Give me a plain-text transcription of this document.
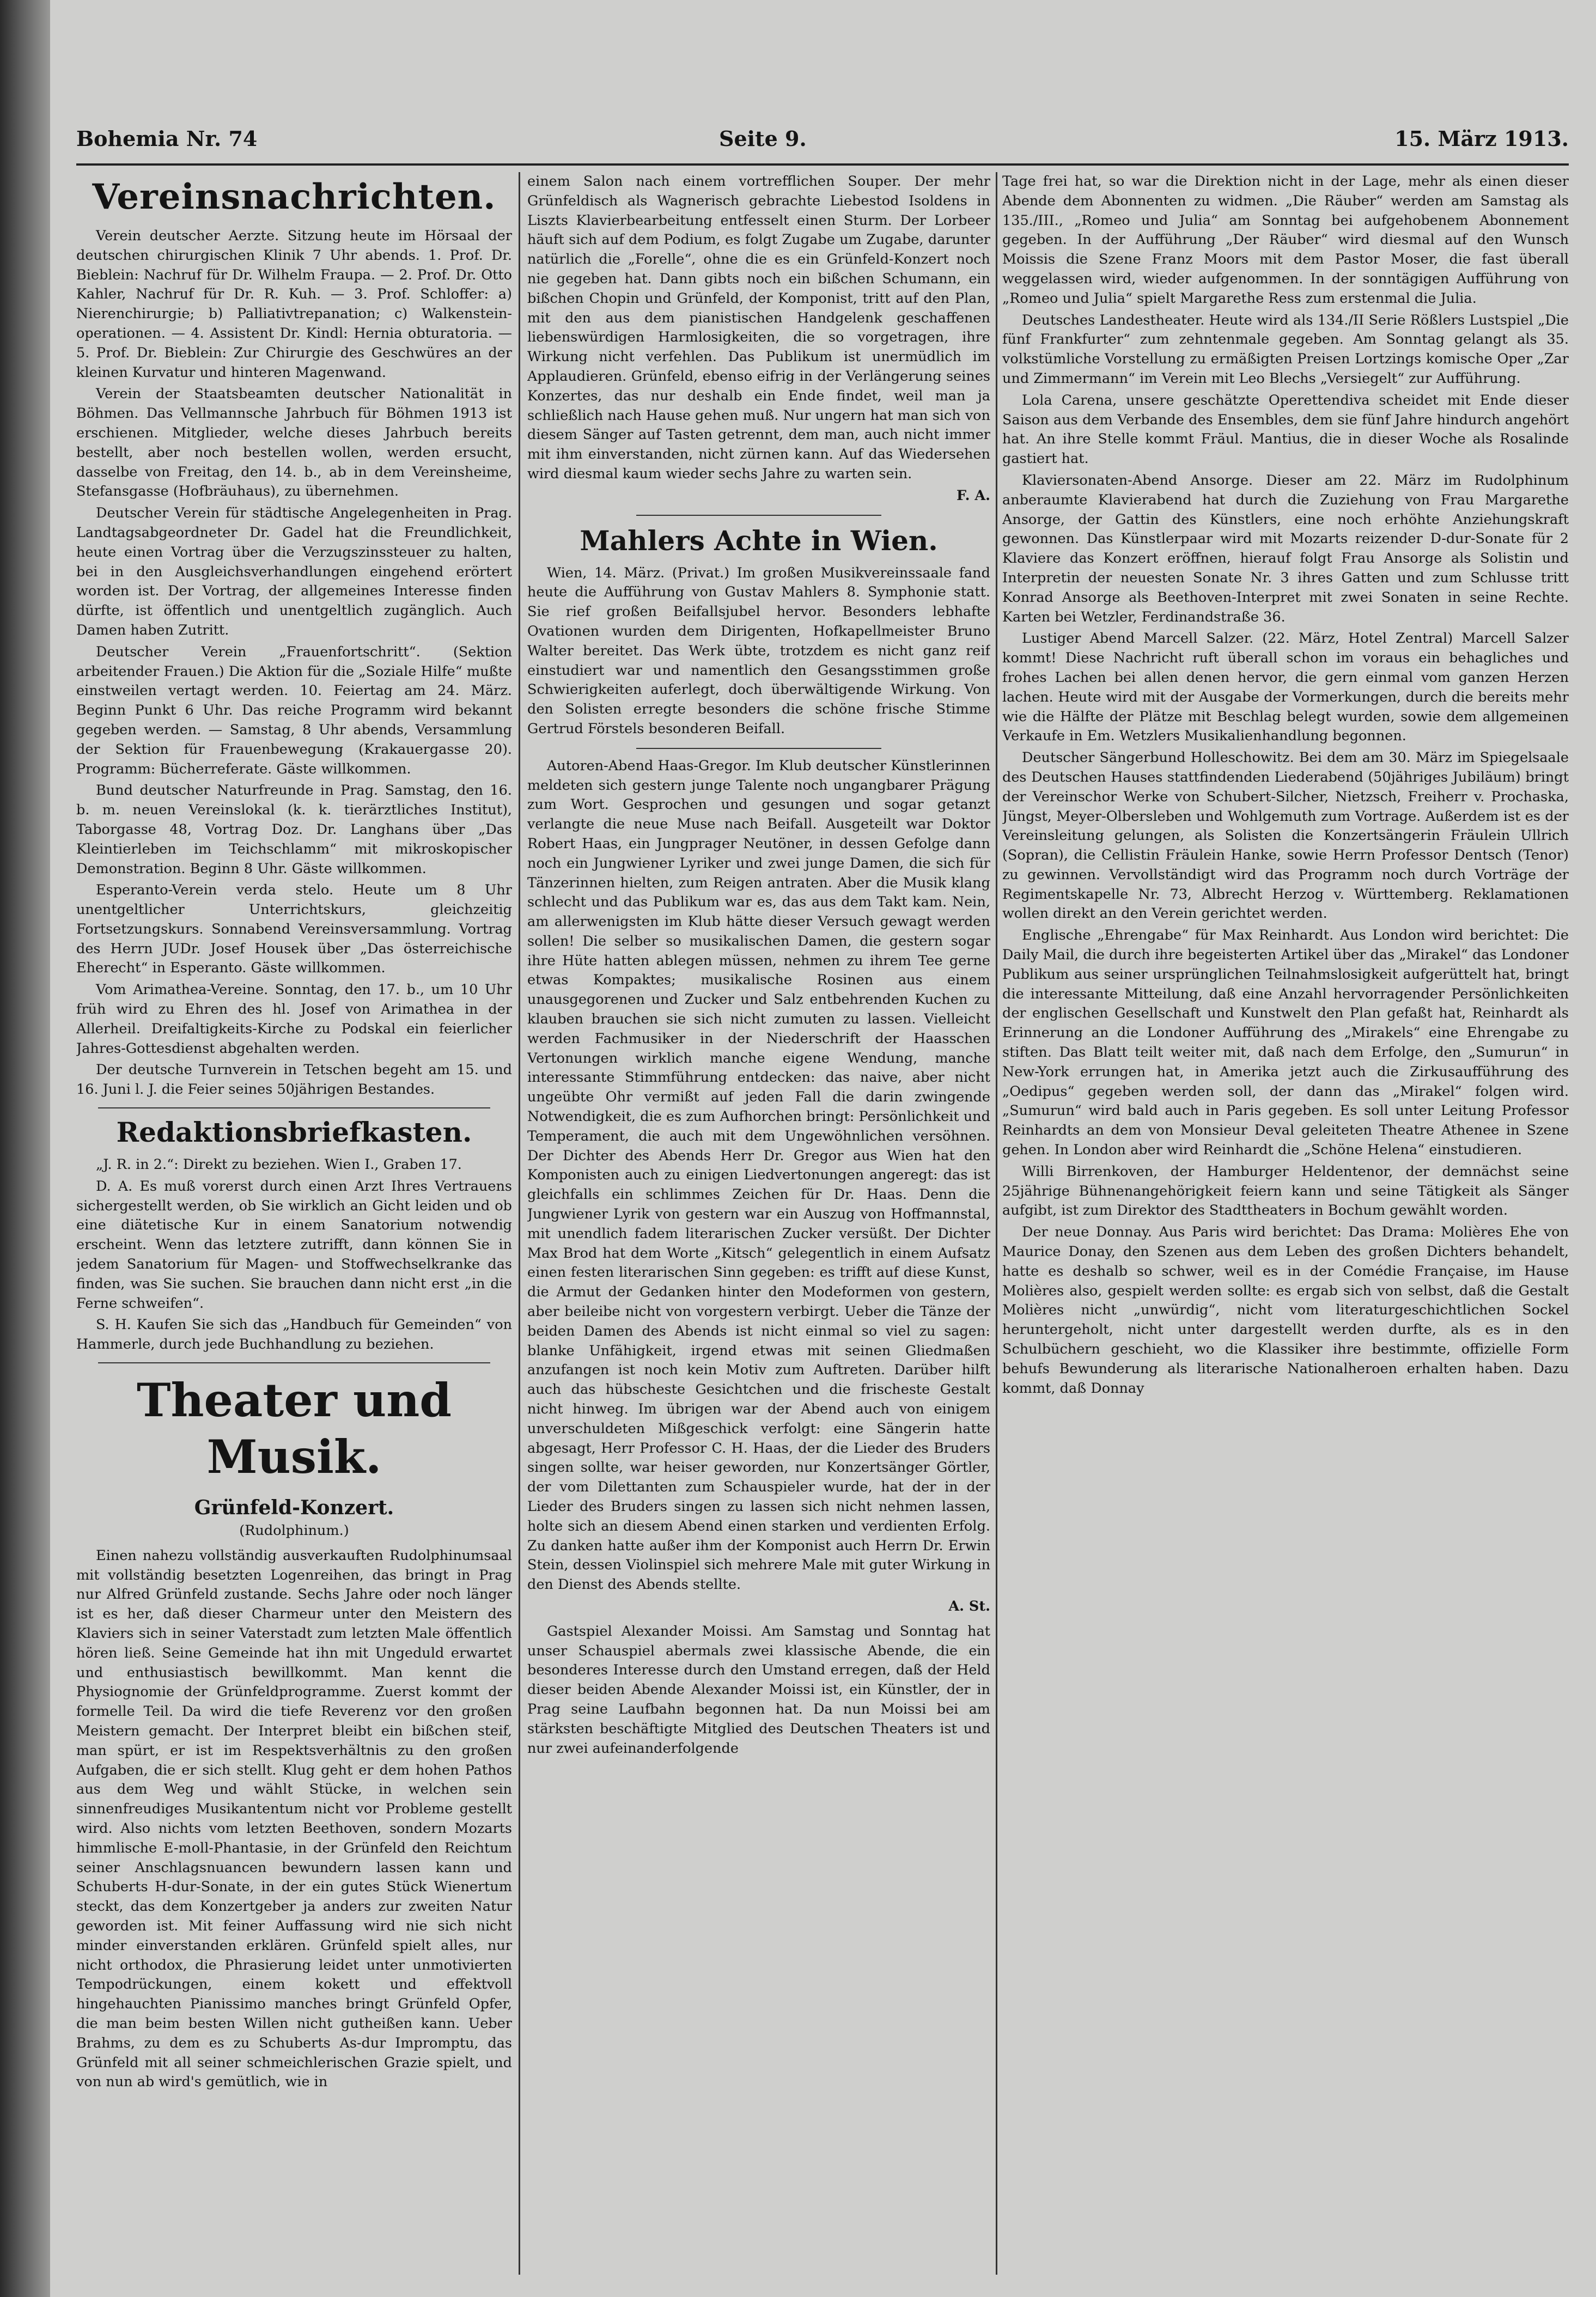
Bohemia Nr. 74	Seite 9.	15. März 1913.
Vereinsnachrichten.

Verein deutscher Aerzte. Sitzung heute im Hörsaal der deutschen chirurgischen Klinik 7 Uhr abends. 1. Prof. Dr. Bieblein: Nachruf für Dr. Wilhelm Fraupa. — 2. Prof. Dr. Otto Kahler, Nachruf für Dr. R. Kuh. — 3. Prof. Schloffer: a) Nierenchirurgie; b) Palliativtrepanation; c) Walkenstein-operationen. — 4. Assistent Dr. Kindl: Hernia obturatoria. — 5. Prof. Dr. Bieblein: Zur Chirurgie des Geschwüres an der kleinen Kurvatur und hinteren Magenwand.

Verein der Staatsbeamten deutscher Nationalität in Böhmen. Das Vellmannsche Jahrbuch für Böhmen 1913 ist erschienen. Mitglieder, welche dieses Jahrbuch bereits bestellt, aber noch bestellen wollen, werden ersucht, dasselbe von Freitag, den 14. b., ab in dem Vereinsheime, Stefansgasse (Hofbräuhaus), zu übernehmen.

Deutscher Verein für städtische Angelegenheiten in Prag. Landtagsabgeordneter Dr. Gadel hat die Freundlichkeit, heute einen Vortrag über die Verzugszinssteuer zu halten, bei in den Ausgleichsverhandlungen eingehend erörtert worden ist. Der Vortrag, der allgemeines Interesse finden dürfte, ist öffentlich und unentgeltlich zugänglich. Auch Damen haben Zutritt.

Deutscher Verein „Frauenfortschritt“. (Sektion arbeitender Frauen.) Die Aktion für die „Soziale Hilfe“ mußte einstweilen vertagt werden. 10. Feiertag am 24. März. Beginn Punkt 6 Uhr. Das reiche Programm wird bekannt gegeben werden. — Samstag, 8 Uhr abends, Versammlung der Sektion für Frauenbewegung (Krakauergasse 20). Programm: Bücherreferate. Gäste willkommen.

Bund deutscher Naturfreunde in Prag. Samstag, den 16. b. m. neuen Vereinslokal (k. k. tierärztliches Institut), Taborgasse 48, Vortrag Doz. Dr. Langhans über „Das Kleintierleben im Teichschlamm“ mit mikroskopischer Demonstration. Beginn 8 Uhr. Gäste willkommen.

Esperanto-Verein verda stelo. Heute um 8 Uhr unentgeltlicher Unterrichtskurs, gleichzeitig Fortsetzungskurs. Sonnabend Vereinsversammlung. Vortrag des Herrn JUDr. Josef Housek über „Das österreichische Eherecht“ in Esperanto. Gäste willkommen.

Vom Arimathea-Vereine. Sonntag, den 17. b., um 10 Uhr früh wird zu Ehren des hl. Josef von Arimathea in der Allerheil. Dreifaltigkeits-Kirche zu Podskal ein feierlicher Jahres-Gottesdienst abgehalten werden.

Der deutsche Turnverein in Tetschen begeht am 15. und 16. Juni l. J. die Feier seines 50jährigen Bestandes.

Redaktionsbriefkasten.

„J. R. in 2.“: Direkt zu beziehen. Wien I., Graben 17.

D. A. Es muß vorerst durch einen Arzt Ihres Vertrauens sichergestellt werden, ob Sie wirklich an Gicht leiden und ob eine diätetische Kur in einem Sanatorium notwendig erscheint. Wenn das letztere zutrifft, dann können Sie in jedem Sanatorium für Magen- und Stoffwechselkranke das finden, was Sie suchen. Sie brauchen dann nicht erst „in die Ferne schweifen“.

S. H. Kaufen Sie sich das „Handbuch für Gemeinden“ von Hammerle, durch jede Buchhandlung zu beziehen.

Theater und Musik.
Grünfeld-Konzert.
(Rudolphinum.)

Einen nahezu vollständig ausverkauften Rudolphinumsaal mit vollständig besetzten Logenreihen, das bringt in Prag nur Alfred Grünfeld zustande. Sechs Jahre oder noch länger ist es her, daß dieser Charmeur unter den Meistern des Klaviers sich in seiner Vaterstadt zum letzten Male öffentlich hören ließ. Seine Gemeinde hat ihn mit Ungeduld erwartet und enthusiastisch bewillkommt. Man kennt die Physiognomie der Grünfeldprogramme. Zuerst kommt der formelle Teil. Da wird die tiefe Reverenz vor den großen Meistern gemacht. Der Interpret bleibt ein bißchen steif, man spürt, er ist im Respektsverhältnis zu den großen Aufgaben, die er sich stellt. Klug geht er dem hohen Pathos aus dem Weg und wählt Stücke, in welchen sein sinnenfreudiges Musikantentum nicht vor Probleme gestellt wird. Also nichts vom letzten Beethoven, sondern Mozarts himmlische E-moll-Phantasie, in der Grünfeld den Reichtum seiner Anschlagsnuancen bewundern lassen kann und Schuberts H-dur-Sonate, in der ein gutes Stück Wienertum steckt, das dem Konzertgeber ja anders zur zweiten Natur geworden ist. Mit feiner Auffassung wird nie sich nicht minder einverstanden erklären. Grünfeld spielt alles, nur nicht orthodox, die Phrasierung leidet unter unmotivierten Tempodrückungen, einem kokett und effektvoll hingehauchten Pianissimo manches bringt Grünfeld Opfer, die man beim besten Willen nicht gutheißen kann. Ueber Brahms, zu dem es zu Schuberts As-dur Impromptu, das Grünfeld mit all seiner schmeichlerischen Grazie spielt, und von nun ab wird's gemütlich, wie in

einem Salon nach einem vortrefflichen Souper. Der mehr Grünfeldisch als Wagnerisch gebrachte Liebestod Isoldens in Liszts Klavierbearbeitung entfesselt einen Sturm. Der Lorbeer häuft sich auf dem Podium, es folgt Zugabe um Zugabe, darunter natürlich die „Forelle“, ohne die es ein Grünfeld-Konzert noch nie gegeben hat. Dann gibts noch ein bißchen Schumann, ein bißchen Chopin und Grünfeld, der Komponist, tritt auf den Plan, mit den aus dem pianistischen Handgelenk geschaffenen liebenswürdigen Harmlosigkeiten, die so vorgetragen, ihre Wirkung nicht verfehlen. Das Publikum ist unermüdlich im Applaudieren. Grünfeld, ebenso eifrig in der Verlängerung seines Konzertes, das nur deshalb ein Ende findet, weil man ja schließlich nach Hause gehen muß. Nur ungern hat man sich von diesem Sänger auf Tasten getrennt, dem man, auch nicht immer mit ihm einverstanden, nicht zürnen kann. Auf das Wiedersehen wird diesmal kaum wieder sechs Jahre zu warten sein.

F. A.
Mahlers Achte in Wien.

Wien, 14. März. (Privat.) Im großen Musikvereinssaale fand heute die Aufführung von Gustav Mahlers 8. Symphonie statt. Sie rief großen Beifallsjubel hervor. Besonders lebhafte Ovationen wurden dem Dirigenten, Hofkapellmeister Bruno Walter bereitet. Das Werk übte, trotzdem es nicht ganz reif einstudiert war und namentlich den Gesangsstimmen große Schwierigkeiten auferlegt, doch überwältigende Wirkung. Von den Solisten erregte besonders die schöne frische Stimme Gertrud Förstels besonderen Beifall.

Autoren-Abend Haas-Gregor. Im Klub deutscher Künstlerinnen meldeten sich gestern junge Talente noch ungangbarer Prägung zum Wort. Gesprochen und gesungen und sogar getanzt verlangte die neue Muse nach Beifall. Ausgeteilt war Doktor Robert Haas, ein Jungprager Neutöner, in dessen Gefolge dann noch ein Jungwiener Lyriker und zwei junge Damen, die sich für Tänzerinnen hielten, zum Reigen antraten. Aber die Musik klang schlecht und das Publikum war es, das aus dem Takt kam. Nein, am allerwenigsten im Klub hätte dieser Versuch gewagt werden sollen! Die selber so musikalischen Damen, die gestern sogar ihre Hüte hatten ablegen müssen, nehmen zu ihrem Tee gerne etwas Kompaktes; musikalische Rosinen aus einem unausgegorenen und Zucker und Salz entbehrenden Kuchen zu klauben brauchen sie sich nicht zumuten zu lassen. Vielleicht werden Fachmusiker in der Niederschrift der Haasschen Vertonungen wirklich manche eigene Wendung, manche interessante Stimmführung entdecken: das naive, aber nicht ungeübte Ohr vermißt auf jeden Fall die darin zwingende Notwendigkeit, die es zum Aufhorchen bringt: Persönlichkeit und Temperament, die auch mit dem Ungewöhnlichen versöhnen. Der Dichter des Abends Herr Dr. Gregor aus Wien hat den Komponisten auch zu einigen Liedvertonungen angeregt: das ist gleichfalls ein schlimmes Zeichen für Dr. Haas. Denn die Jungwiener Lyrik von gestern war ein Auszug von Hoffmannstal, mit unendlich fadem literarischen Zucker versüßt. Der Dichter Max Brod hat dem Worte „Kitsch“ gelegentlich in einem Aufsatz einen festen literarischen Sinn gegeben: es trifft auf diese Kunst, die Armut der Gedanken hinter den Modeformen von gestern, aber beileibe nicht von vorgestern verbirgt. Ueber die Tänze der beiden Damen des Abends ist nicht einmal so viel zu sagen: blanke Unfähigkeit, irgend etwas mit seinen Gliedmaßen anzufangen ist noch kein Motiv zum Auftreten. Darüber hilft auch das hübscheste Gesichtchen und die frischeste Gestalt nicht hinweg. Im übrigen war der Abend auch von einigem unverschuldeten Mißgeschick verfolgt: eine Sängerin hatte abgesagt, Herr Professor C. H. Haas, der die Lieder des Bruders singen sollte, war heiser geworden, nur Konzertsänger Görtler, der vom Dilettanten zum Schauspieler wurde, hat der in der Lieder des Bruders singen zu lassen sich nicht nehmen lassen, holte sich an diesem Abend einen starken und verdienten Erfolg. Zu danken hatte außer ihm der Komponist auch Herrn Dr. Erwin Stein, dessen Violinspiel sich mehrere Male mit guter Wirkung in den Dienst des Abends stellte.

A. St.

Gastspiel Alexander Moissi. Am Samstag und Sonntag hat unser Schauspiel abermals zwei klassische Abende, die ein besonderes Interesse durch den Umstand erregen, daß der Held dieser beiden Abende Alexander Moissi ist, ein Künstler, der in Prag seine Laufbahn begonnen hat. Da nun Moissi bei am stärksten beschäftigte Mitglied des Deutschen Theaters ist und nur zwei aufeinanderfolgende

Tage frei hat, so war die Direktion nicht in der Lage, mehr als einen dieser Abende dem Abonnenten zu widmen. „Die Räuber“ werden am Samstag als 135./III., „Romeo und Julia“ am Sonntag bei aufgehobenem Abonnement gegeben. In der Aufführung „Der Räuber“ wird diesmal auf den Wunsch Moissis die Szene Franz Moors mit dem Pastor Moser, die fast überall weggelassen wird, wieder aufgenommen. In der sonntägigen Aufführung von „Romeo und Julia“ spielt Margarethe Ress zum erstenmal die Julia.

Deutsches Landestheater. Heute wird als 134./II Serie Rößlers Lustspiel „Die fünf Frankfurter“ zum zehntenmale gegeben. Am Sonntag gelangt als 35. volkstümliche Vorstellung zu ermäßigten Preisen Lortzings komische Oper „Zar und Zimmermann“ im Verein mit Leo Blechs „Versiegelt“ zur Aufführung.

Lola Carena, unsere geschätzte Operettendiva scheidet mit Ende dieser Saison aus dem Verbande des Ensembles, dem sie fünf Jahre hindurch angehört hat. An ihre Stelle kommt Fräul. Mantius, die in dieser Woche als Rosalinde gastiert hat.

Klaviersonaten-Abend Ansorge. Dieser am 22. März im Rudolphinum anberaumte Klavierabend hat durch die Zuziehung von Frau Margarethe Ansorge, der Gattin des Künstlers, eine noch erhöhte Anziehungskraft gewonnen. Das Künstlerpaar wird mit Mozarts reizender D-dur-Sonate für 2 Klaviere das Konzert eröffnen, hierauf folgt Frau Ansorge als Solistin und Interpretin der neuesten Sonate Nr. 3 ihres Gatten und zum Schlusse tritt Konrad Ansorge als Beethoven-Interpret mit zwei Sonaten in seine Rechte. Karten bei Wetzler, Ferdinandstraße 36.

Lustiger Abend Marcell Salzer. (22. März, Hotel Zentral) Marcell Salzer kommt! Diese Nachricht ruft überall schon im voraus ein behagliches und frohes Lachen bei allen denen hervor, die gern einmal vom ganzen Herzen lachen. Heute wird mit der Ausgabe der Vormerkungen, durch die bereits mehr wie die Hälfte der Plätze mit Beschlag belegt wurden, sowie dem allgemeinen Verkaufe in Em. Wetzlers Musikalienhandlung begonnen.

Deutscher Sängerbund Holleschowitz. Bei dem am 30. März im Spiegelsaale des Deutschen Hauses stattfindenden Liederabend (50jähriges Jubiläum) bringt der Vereinschor Werke von Schubert-Silcher, Nietzsch, Freiherr v. Prochaska, Jüngst, Meyer-Olbersleben und Wohlgemuth zum Vortrage. Außerdem ist es der Vereinsleitung gelungen, als Solisten die Konzertsängerin Fräulein Ullrich (Sopran), die Cellistin Fräulein Hanke, sowie Herrn Professor Dentsch (Tenor) zu gewinnen. Vervollständigt wird das Programm noch durch Vorträge der Regimentskapelle Nr. 73, Albrecht Herzog v. Württemberg. Reklamationen wollen direkt an den Verein gerichtet werden.

Englische „Ehrengabe“ für Max Reinhardt. Aus London wird berichtet: Die Daily Mail, die durch ihre begeisterten Artikel über das „Mirakel“ das Londoner Publikum aus seiner ursprünglichen Teilnahmslosigkeit aufgerüttelt hat, bringt die interessante Mitteilung, daß eine Anzahl hervorragender Persönlichkeiten der englischen Gesellschaft und Kunstwelt den Plan gefaßt hat, Reinhardt als Erinnerung an die Londoner Aufführung des „Mirakels“ eine Ehrengabe zu stiften. Das Blatt teilt weiter mit, daß nach dem Erfolge, den „Sumurun“ in New-York errungen hat, in Amerika jetzt auch die Zirkusaufführung des „Oedipus“ gegeben werden soll, der dann das „Mirakel“ folgen wird. „Sumurun“ wird bald auch in Paris gegeben. Es soll unter Leitung Professor Reinhardts an dem von Monsieur Deval geleiteten Theatre Athenee in Szene gehen. In London aber wird Reinhardt die „Schöne Helena“ einstudieren.

Willi Birrenkoven, der Hamburger Heldentenor, der demnächst seine 25jährige Bühnenangehörigkeit feiern kann und seine Tätigkeit als Sänger aufgibt, ist zum Direktor des Stadttheaters in Bochum gewählt worden.

Der neue Donnay. Aus Paris wird berichtet: Das Drama: Molières Ehe von Maurice Donay, den Szenen aus dem Leben des großen Dichters behandelt, hatte es deshalb so schwer, weil es in der Comédie Française, im Hause Molières also, gespielt werden sollte: es ergab sich von selbst, daß die Gestalt Molières nicht „unwürdig“, nicht vom literaturgeschichtlichen Sockel heruntergeholt, nicht unter dargestellt werden durfte, als es in den Schulbüchern geschieht, wo die Klassiker ihre bestimmte, offizielle Form behufs Bewunderung als literarische Nationalheroen erhalten haben. Dazu kommt, daß Donnay
